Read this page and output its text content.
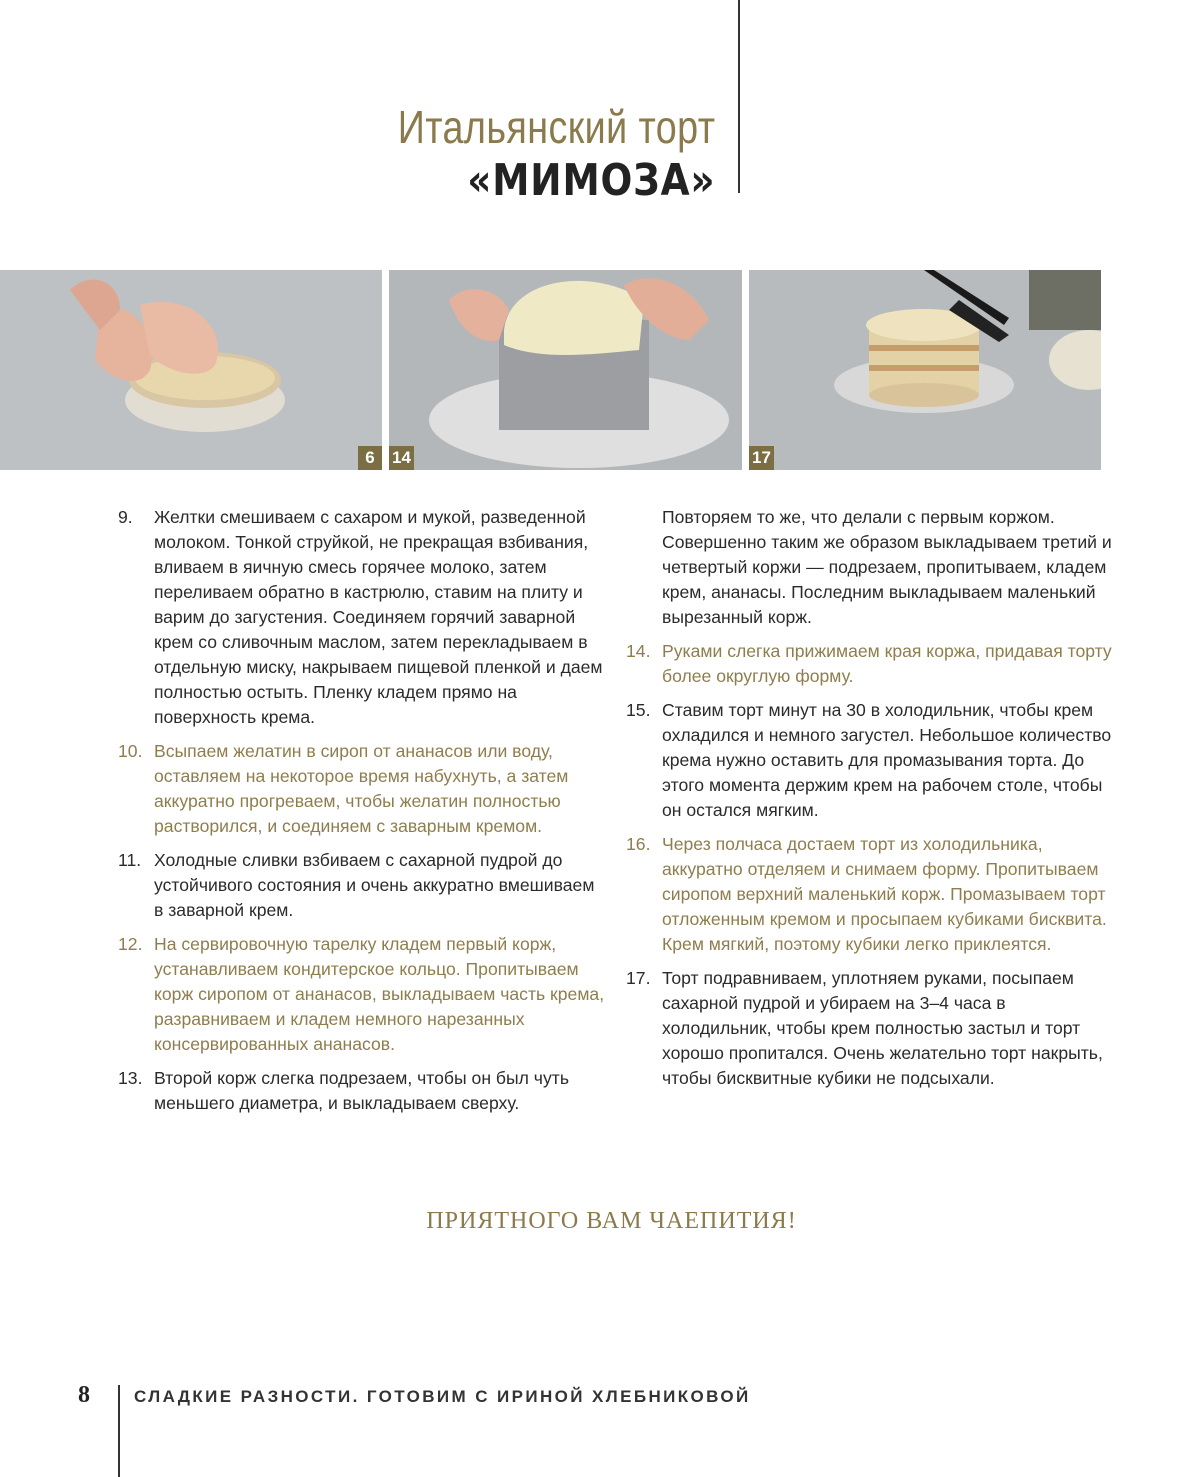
Итальянский торт
«МИМОЗА»
6	14	17
9.	Желтки смешиваем с сахаром и мукой, разведенной молоком. Тонкой струйкой, не прекращая взбивания, вливаем в яичную смесь горячее молоко, затем переливаем обратно в кастрюлю, ставим на плиту и варим до загустения. Соединяем горячий заварной крем со сливочным маслом, затем перекладываем в отдельную миску, накрываем пищевой пленкой и даем полностью остыть. Пленку кладем прямо на поверхность крема.
10. Всыпаем желатин в сироп от ананасов или воду, оставляем на некоторое время набухнуть, а затем аккуратно прогреваем, чтобы желатин полностью растворился, и соединяем с заварным кремом.
11. Холодные сливки взбиваем с сахарной пудрой до устойчивого состояния и очень аккуратно вмешиваем в заварной крем.
12. На сервировочную тарелку кладем первый корж, устанавливаем кондитерское кольцо. Пропитываем корж сиропом от ананасов, выкладываем часть крема, разравниваем и кладем немного нарезанных консервированных ананасов.
13. Второй корж слегка подрезаем, чтобы он был чуть меньшего диаметра, и выкладываем сверху.
Повторяем то же, что делали с первым коржом. Совершенно таким же образом выкладываем третий и четвертый коржи — подрезаем, пропитываем, кладем крем, ананасы. Последним выкладываем маленький вырезанный корж.
14. Руками слегка прижимаем края коржа, придавая торту более округлую форму.
15. Ставим торт минут на 30 в холодильник, чтобы крем охладился и немного загустел. Небольшое количество крема нужно оставить для промазывания торта. До этого момента держим крем на рабочем столе, чтобы он остался мягким.
16. Через полчаса достаем торт из холодильника, аккуратно отделяем и снимаем форму. Пропитываем сиропом верхний маленький корж. Промазываем торт отложенным кремом и просыпаем кубиками бисквита. Крем мягкий, поэтому кубики легко приклеятся.
17. Торт подравниваем, уплотняем руками, посыпаем сахарной пудрой и убираем на 3–4 часа в холодильник, чтобы крем полностью застыл и торт хорошо пропитался. Очень желательно торт накрыть, чтобы бисквитные кубики не подсыхали.
ПРИЯТНОГО ВАМ ЧАЕПИТИЯ!
8	СЛАДКИЕ РАЗНОСТИ. ГОТОВИМ С ИРИНОЙ ХЛЕБНИКОВОЙ
